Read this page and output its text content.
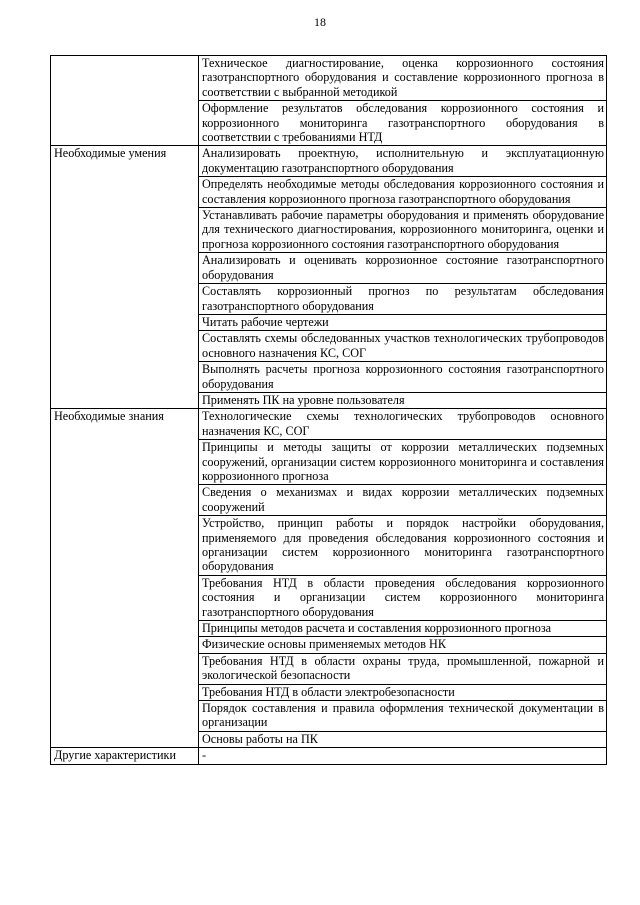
18
	Техническое диагностирование, оценка коррозионного состояния газотранспортного оборудования и составление коррозионного прогноза в соответствии с выбранной методикой
	Оформление результатов обследования коррозионного состояния и коррозионного мониторинга газотранспортного оборудования в соответствии с требованиями НТД
Необходимые умения	Анализировать проектную, исполнительную и эксплуатационную документацию газотранспортного оборудования
	Определять необходимые методы обследования коррозионного состояния и составления коррозионного прогноза газотранспортного оборудования
	Устанавливать рабочие параметры оборудования и применять оборудование для технического диагностирования, коррозионного мониторинга, оценки и прогноза коррозионного состояния газотранспортного оборудования
	Анализировать и оценивать коррозионное состояние газотранспортного оборудования
	Составлять коррозионный прогноз по результатам обследования газотранспортного оборудования
	Читать рабочие чертежи
	Составлять схемы обследованных участков технологических трубопроводов основного назначения КС, СОГ
	Выполнять расчеты прогноза коррозионного состояния газотранспортного оборудования
	Применять ПК на уровне пользователя
Необходимые знания	Технологические схемы технологических трубопроводов основного назначения КС, СОГ
	Принципы и методы защиты от коррозии металлических подземных сооружений, организации систем коррозионного мониторинга и составления коррозионного прогноза
	Сведения о механизмах и видах коррозии металлических подземных сооружений
	Устройство, принцип работы и порядок настройки оборудования, применяемого для проведения обследования коррозионного состояния и организации систем коррозионного мониторинга газотранспортного оборудования
	Требования НТД в области проведения обследования коррозионного состояния и организации систем коррозионного мониторинга газотранспортного оборудования
	Принципы методов расчета и составления коррозионного прогноза
	Физические основы применяемых методов НК
	Требования НТД в области охраны труда, промышленной, пожарной и экологической безопасности
	Требования НТД в области электробезопасности
	Порядок составления и правила оформления технической документации в организации
	Основы работы на ПК
Другие характеристики	-
